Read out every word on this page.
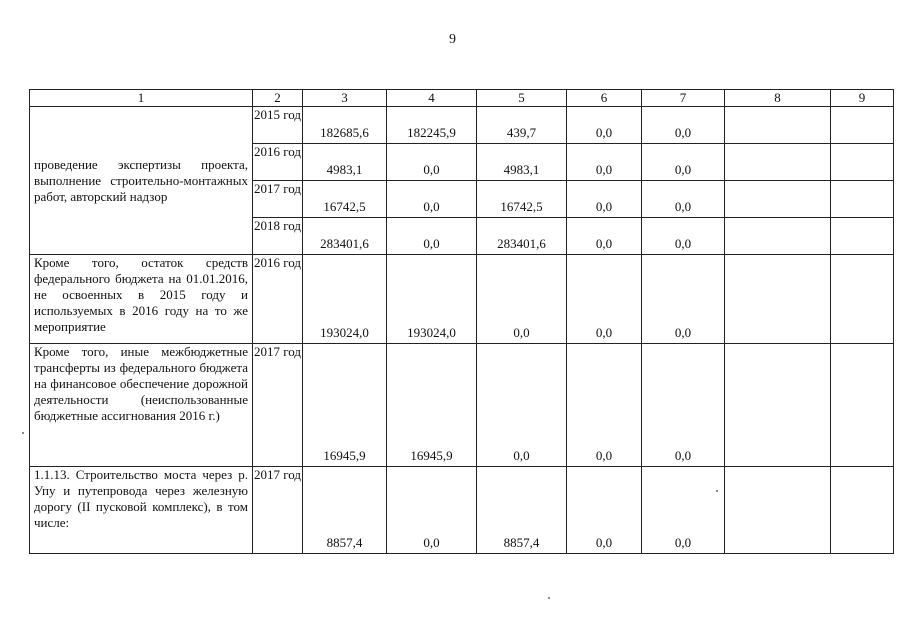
9
1	2	3	4	5	6	7	8	9
проведение экспертизы проекта, выполнение строительно-монтажных работ, авторский надзор	2015 год	182685,6	182245,9	439,7	0,0	0,0		
	2016 год	4983,1	0,0	4983,1	0,0	0,0		
	2017 год	16742,5	0,0	16742,5	0,0	0,0		
	2018 год	283401,6	0,0	283401,6	0,0	0,0		
Кроме того, остаток средств федерального бюджета на 01.01.2016, не освоенных в 2015 году и используемых в 2016 году на то же мероприятие	2016 год	193024,0	193024,0	0,0	0,0	0,0		
Кроме того, иные межбюджетные трансферты из федерального бюджета на финансовое обеспечение дорожной деятельности (неиспользованные бюджетные ассигнования 2016 г.)	2017 год	16945,9	16945,9	0,0	0,0	0,0		
1.1.13. Строительство моста через р. Упу и путепровода через железную дорогу (II пусковой комплекс), в том числе:	2017 год	8857,4	0,0	8857,4	0,0	0,0		
